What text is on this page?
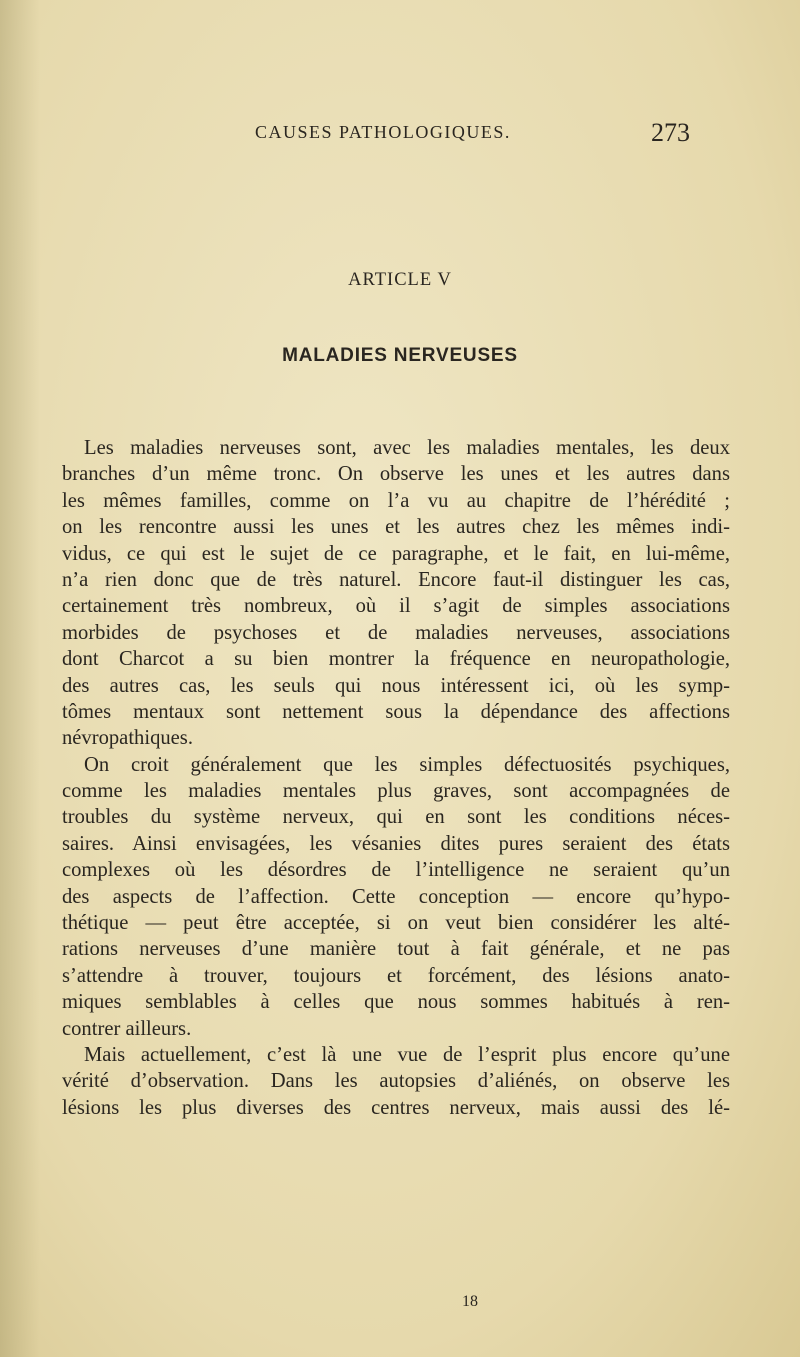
CAUSES PATHOLOGIQUES.	273
ARTICLE V
MALADIES NERVEUSES
Les maladies nerveuses sont, avec les maladies mentales, les deux
branches d’un même tronc. On observe les unes et les autres dans
les mêmes familles, comme on l’a vu au chapitre de l’hérédité ;
on les rencontre aussi les unes et les autres chez les mêmes indi-
vidus, ce qui est le sujet de ce paragraphe, et le fait, en lui-même,
n’a rien donc que de très naturel. Encore faut-il distinguer les cas,
certainement très nombreux, où il s’agit de simples associations
morbides de psychoses et de maladies nerveuses, associations
dont Charcot a su bien montrer la fréquence en neuropathologie,
des autres cas, les seuls qui nous intéressent ici, où les symp-
tômes mentaux sont nettement sous la dépendance des affections
névropathiques.
On croit généralement que les simples défectuosités psychiques,
comme les maladies mentales plus graves, sont accompagnées de
troubles du système nerveux, qui en sont les conditions néces-
saires. Ainsi envisagées, les vésanies dites pures seraient des états
complexes où les désordres de l’intelligence ne seraient qu’un
des aspects de l’affection. Cette conception — encore qu’hypo-
thétique — peut être acceptée, si on veut bien considérer les alté-
rations nerveuses d’une manière tout à fait générale, et ne pas
s’attendre à trouver, toujours et forcément, des lésions anato-
miques semblables à celles que nous sommes habitués à ren-
contrer ailleurs.
Mais actuellement, c’est là une vue de l’esprit plus encore qu’une
vérité d’observation. Dans les autopsies d’aliénés, on observe les
lésions les plus diverses des centres nerveux, mais aussi des lé-
18
